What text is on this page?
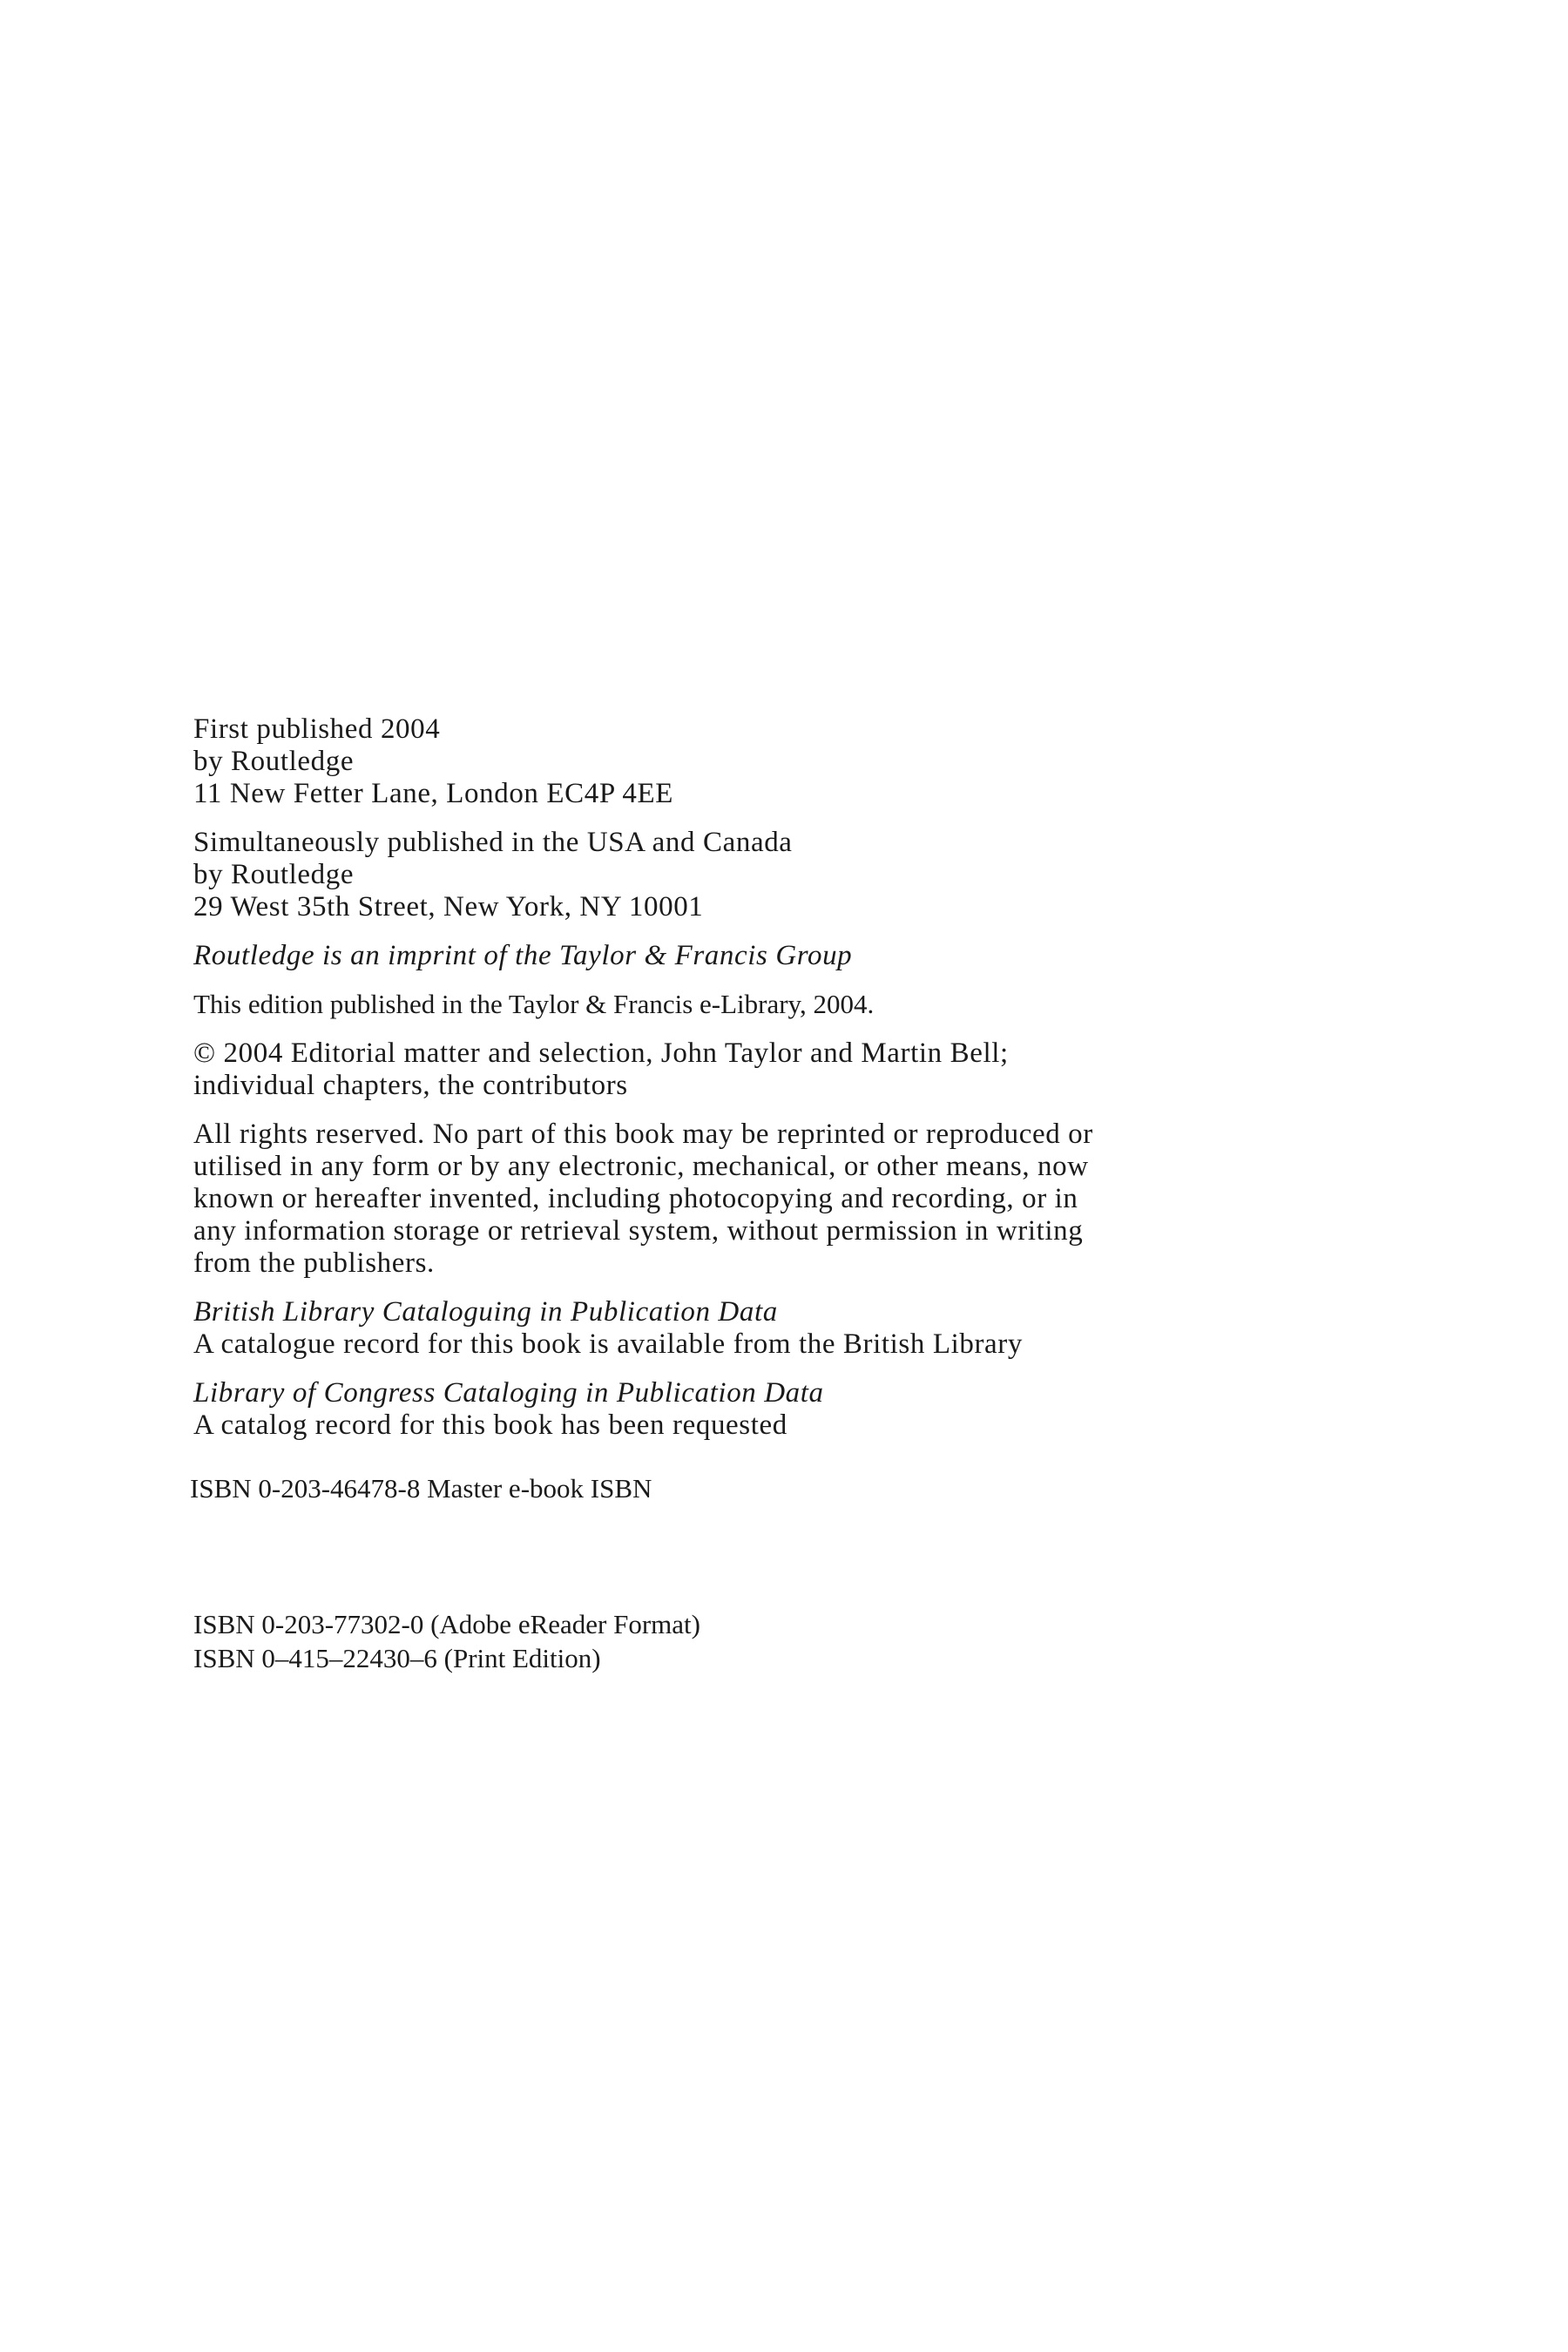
First published 2004
by Routledge
11 New Fetter Lane, London EC4P 4EE
Simultaneously published in the USA and Canada
by Routledge
29 West 35th Street, New York, NY 10001
Routledge is an imprint of the Taylor & Francis Group
This edition published in the Taylor & Francis e-Library, 2004.
© 2004 Editorial matter and selection, John Taylor and Martin Bell;
individual chapters, the contributors
All rights reserved. No part of this book may be reprinted or reproduced or
utilised in any form or by any electronic, mechanical, or other means, now
known or hereafter invented, including photocopying and recording, or in
any information storage or retrieval system, without permission in writing
from the publishers.
British Library Cataloguing in Publication Data
A catalogue record for this book is available from the British Library
Library of Congress Cataloging in Publication Data
A catalog record for this book has been requested
ISBN 0-203-46478-8 Master e-book ISBN
ISBN 0-203-77302-0 (Adobe eReader Format)
ISBN 0–415–22430–6 (Print Edition)
